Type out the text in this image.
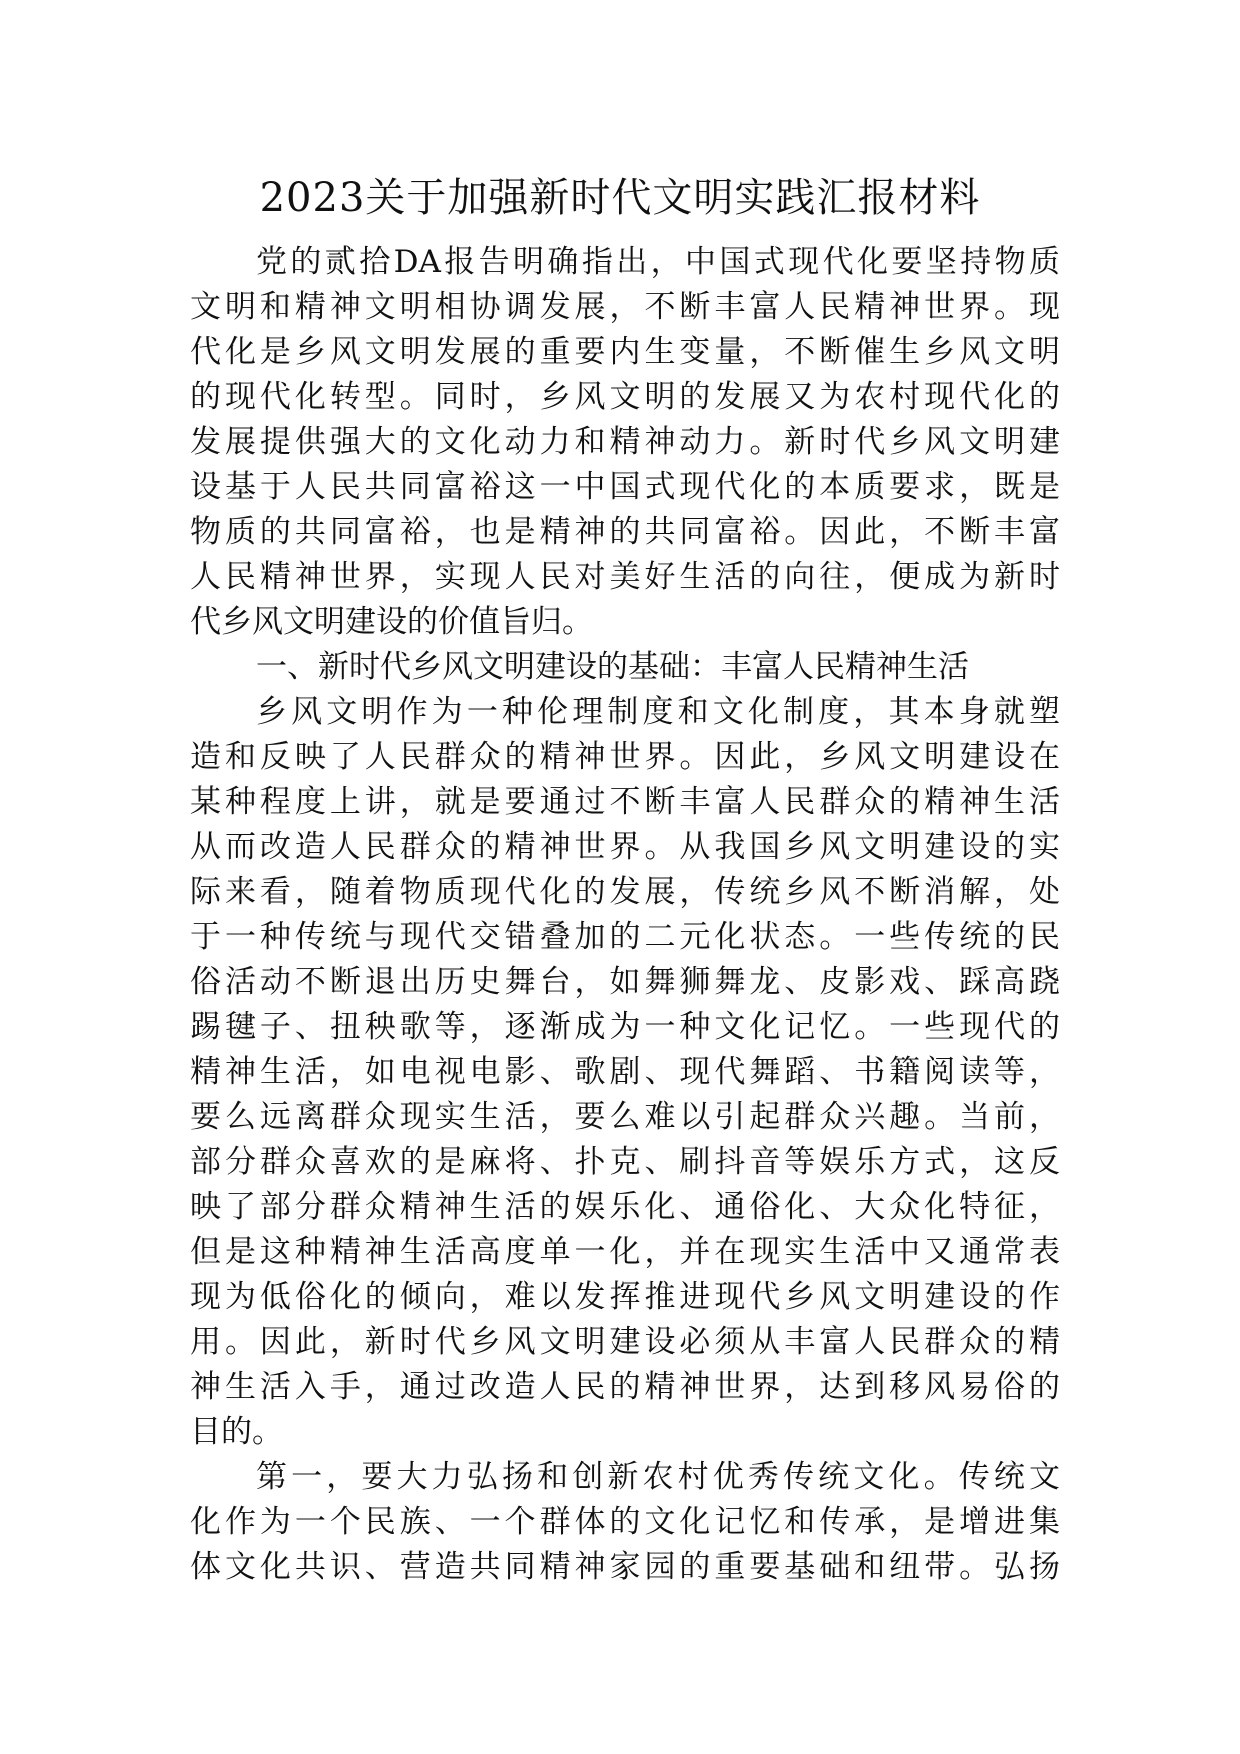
2023关于加强新时代文明实践汇报材料

党的贰拾DA报告明确指出，中国式现代化要坚持物质
文明和精神文明相协调发展，不断丰富人民精神世界。现
代化是乡风文明发展的重要内生变量，不断催生乡风文明
的现代化转型。同时，乡风文明的发展又为农村现代化的
发展提供强大的文化动力和精神动力。新时代乡风文明建
设基于人民共同富裕这一中国式现代化的本质要求，既是
物质的共同富裕，也是精神的共同富裕。因此，不断丰富
人民精神世界，实现人民对美好生活的向往，便成为新时
代乡风文明建设的价值旨归。

一、新时代乡风文明建设的基础：丰富人民精神生活

乡风文明作为一种伦理制度和文化制度，其本身就塑
造和反映了人民群众的精神世界。因此，乡风文明建设在
某种程度上讲，就是要通过不断丰富人民群众的精神生活
从而改造人民群众的精神世界。从我国乡风文明建设的实
际来看，随着物质现代化的发展，传统乡风不断消解，处
于一种传统与现代交错叠加的二元化状态。一些传统的民
俗活动不断退出历史舞台，如舞狮舞龙、皮影戏、踩高跷
踢毽子、扭秧歌等，逐渐成为一种文化记忆。一些现代的
精神生活，如电视电影、歌剧、现代舞蹈、书籍阅读等，
要么远离群众现实生活，要么难以引起群众兴趣。当前，
部分群众喜欢的是麻将、扑克、刷抖音等娱乐方式，这反
映了部分群众精神生活的娱乐化、通俗化、大众化特征，
但是这种精神生活高度单一化，并在现实生活中又通常表
现为低俗化的倾向，难以发挥推进现代乡风文明建设的作
用。因此，新时代乡风文明建设必须从丰富人民群众的精
神生活入手，通过改造人民的精神世界，达到移风易俗的
目的。

第一，要大力弘扬和创新农村优秀传统文化。传统文
化作为一个民族、一个群体的文化记忆和传承，是增进集
体文化共识、营造共同精神家园的重要基础和纽带。弘扬
